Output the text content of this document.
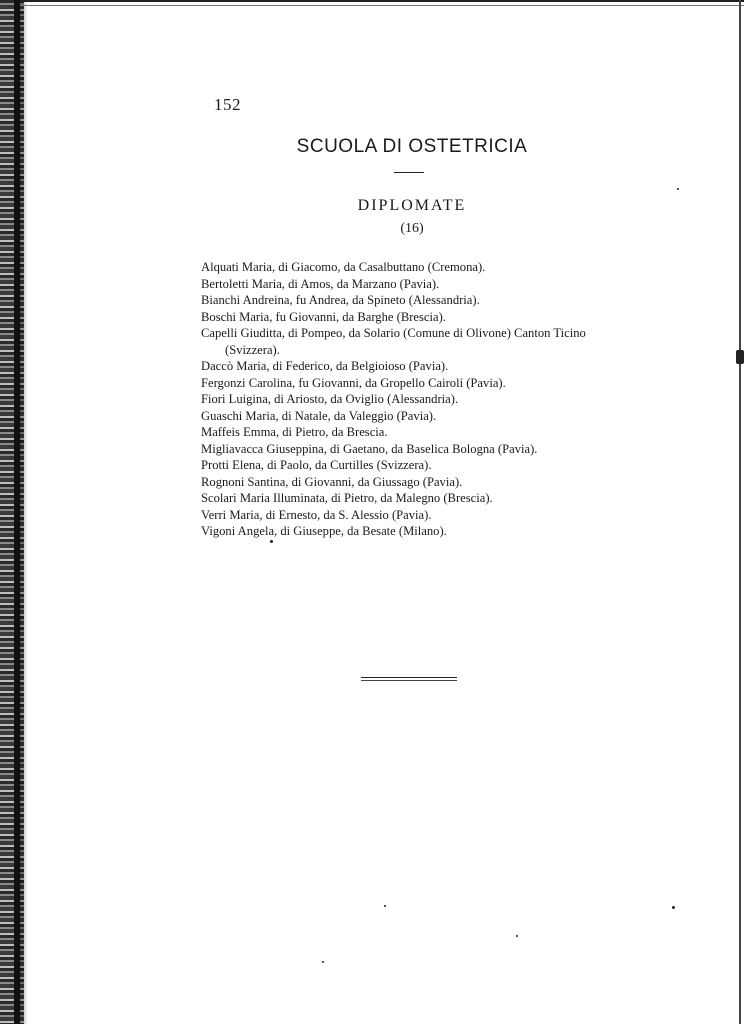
152
SCUOLA DI OSTETRICIA
DIPLOMATE
(16)
Alquati Maria, di Giacomo, da Casalbuttano (Cremona).
Bertoletti Maria, di Amos, da Marzano (Pavia).
Bianchi Andreina, fu Andrea, da Spineto (Alessandria).
Boschi Maria, fu Giovanni, da Barghe (Brescia).
Capelli Giuditta, di Pompeo, da Solario (Comune di Olivone) Canton Ticino (Svizzera).
Daccò Maria, di Federico, da Belgioioso (Pavia).
Fergonzi Carolina, fu Giovanni, da Gropello Cairoli (Pavia).
Fiori Luigina, di Ariosto, da Oviglio (Alessandria).
Guaschi Maria, di Natale, da Valeggio (Pavia).
Maffeis Emma, di Pietro, da Brescia.
Migliavacca Giuseppina, di Gaetano, da Baselica Bologna (Pavia).
Protti Elena, di Paolo, da Curtilles (Svizzera).
Rognoni Santina, di Giovanni, da Giussago (Pavia).
Scolari Maria Illuminata, di Pietro, da Malegno (Brescia).
Verri Maria, di Ernesto, da S. Alessio (Pavia).
Vigoni Angela, di Giuseppe, da Besate (Milano).
